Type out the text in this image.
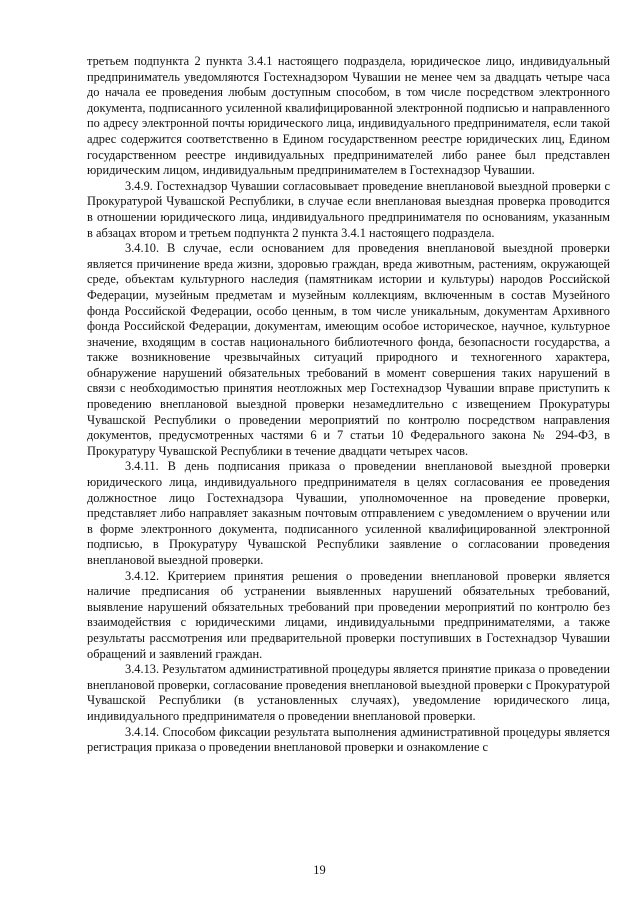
третьем подпункта 2 пункта 3.4.1 настоящего подраздела, юридическое лицо, индивидуальный предприниматель уведомляются Гостехнадзором Чувашии не менее чем за двадцать четыре часа до начала ее проведения любым доступным способом, в том числе посредством электронного документа, подписанного усиленной квалифицированной электронной подписью и направленного по адресу электронной почты юридического лица, индивидуального предпринимателя, если такой адрес содержится соответственно в Едином государственном реестре юридических лиц, Едином государственном реестре индивидуальных предпринимателей либо ранее был представлен юридическим лицом, индивидуальным предпринимателем в Гостехнадзор Чувашии.

3.4.9. Гостехнадзор Чувашии согласовывает проведение внеплановой выездной проверки с Прокуратурой Чувашской Республики, в случае если внеплановая выездная проверка проводится в отношении юридического лица, индивидуального предпринимателя по основаниям, указанным в абзацах втором и третьем подпункта 2 пункта 3.4.1 настоящего подраздела.

3.4.10. В случае, если основанием для проведения внеплановой выездной проверки является причинение вреда жизни, здоровью граждан, вреда животным, растениям, окружающей среде, объектам культурного наследия (памятникам истории и культуры) народов Российской Федерации, музейным предметам и музейным коллекциям, включенным в состав Музейного фонда Российской Федерации, особо ценным, в том числе уникальным, документам Архивного фонда Российской Федерации, документам, имеющим особое историческое, научное, культурное значение, входящим в состав национального библиотечного фонда, безопасности государства, а также возникновение чрезвычайных ситуаций природного и техногенного характера, обнаружение нарушений обязательных требований в момент совершения таких нарушений в связи с необходимостью принятия неотложных мер Гостехнадзор Чувашии вправе приступить к проведению внеплановой выездной проверки незамедлительно с извещением Прокуратуры Чувашской Республики о проведении мероприятий по контролю посредством направления документов, предусмотренных частями 6 и 7 статьи 10 Федерального закона № 294-ФЗ, в Прокуратуру Чувашской Республики в течение двадцати четырех часов.

3.4.11. В день подписания приказа о проведении внеплановой выездной проверки юридического лица, индивидуального предпринимателя в целях согласования ее проведения должностное лицо Гостехнадзора Чувашии, уполномоченное на проведение проверки, представляет либо направляет заказным почтовым отправлением с уведомлением о вручении или в форме электронного документа, подписанного усиленной квалифицированной электронной подписью, в Прокуратуру Чувашской Республики заявление о согласовании проведения внеплановой выездной проверки.

3.4.12. Критерием принятия решения о проведении внеплановой проверки является наличие предписания об устранении выявленных нарушений обязательных требований, выявление нарушений обязательных требований при проведении мероприятий по контролю без взаимодействия с юридическими лицами, индивидуальными предпринимателями, а также результаты рассмотрения или предварительной проверки поступивших в Гостехнадзор Чувашии обращений и заявлений граждан.

3.4.13. Результатом административной процедуры является принятие приказа о проведении внеплановой проверки, согласование проведения внеплановой выездной проверки с Прокуратурой Чувашской Республики (в установленных случаях), уведомление юридического лица, индивидуального предпринимателя о проведении внеплановой проверки.

3.4.14. Способом фиксации результата выполнения административной процедуры является регистрация приказа о проведении внеплановой проверки и ознакомление с

19
